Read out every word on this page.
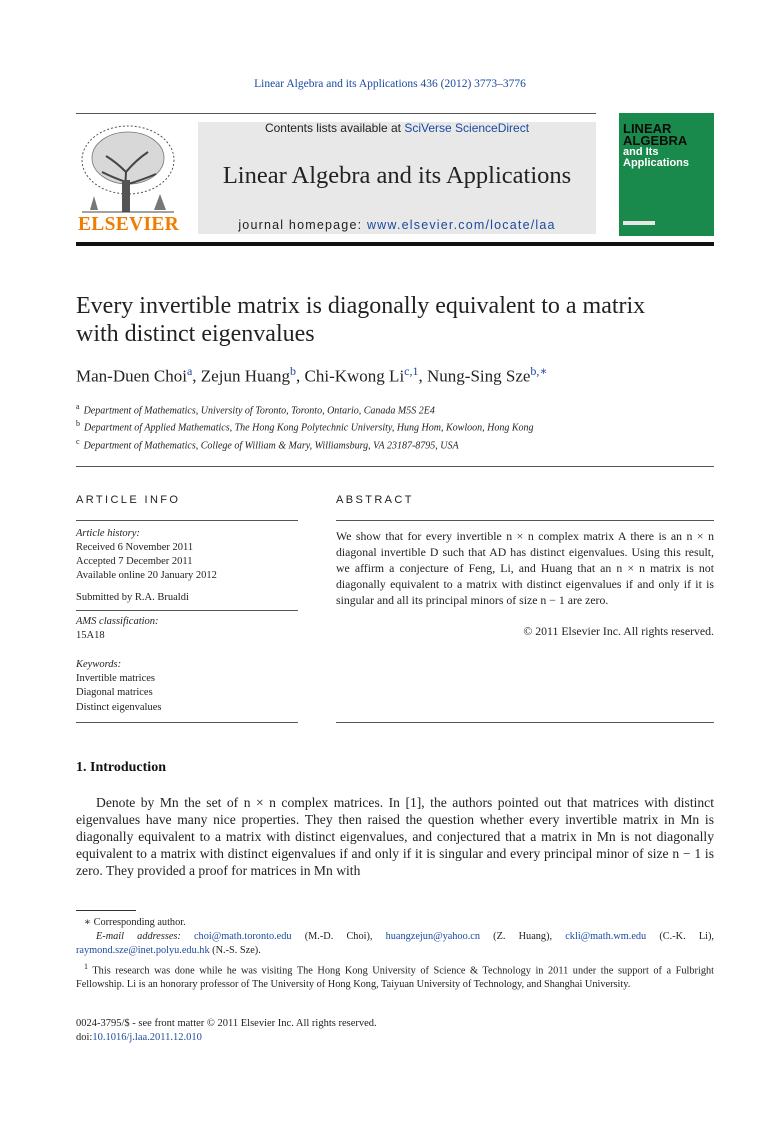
Linear Algebra and its Applications 436 (2012) 3773–3776
ELSEVIER
Contents lists available at SciVerse ScienceDirect
Linear Algebra and its Applications
journal homepage: www.elsevier.com/locate/laa
LINEAR
ALGEBRA
and Its
Applications
Every invertible matrix is diagonally equivalent to a matrix
with distinct eigenvalues
Man-Duen Choi$^a$, Zejun Huang$^b$, Chi-Kwong Li$^{c,1}$, Nung-Sing Sze$^{b,∗}$
$^a$ Department of Mathematics, University of Toronto, Toronto, Ontario, Canada M5S 2E4
$^b$ Department of Applied Mathematics, The Hong Kong Polytechnic University, Hung Hom, Kowloon, Hong Kong
$^c$ Department of Mathematics, College of William & Mary, Williamsburg, VA 23187-8795, USA
ARTICLE INFO
Article history:
Received 6 November 2011
Accepted 7 December 2011
Available online 20 January 2012
Submitted by R.A. Brualdi
AMS classification:
15A18
Keywords:
Invertible matrices
Diagonal matrices
Distinct eigenvalues
ABSTRACT
We show that for every invertible n × n complex matrix A there is an n × n diagonal invertible D such that AD has distinct eigenvalues. Using this result, we affirm a conjecture of Feng, Li, and Huang that an n × n matrix is not diagonally equivalent to a matrix with distinct eigenvalues if and only if it is singular and all its principal minors of size n − 1 are zero.
© 2011 Elsevier Inc. All rights reserved.
1. Introduction
Denote by Mn the set of n × n complex matrices. In [1], the authors pointed out that matrices with distinct eigenvalues have many nice properties. They then raised the question whether every invertible matrix in Mn is diagonally equivalent to a matrix with distinct eigenvalues, and conjectured that a matrix in Mn is not diagonally equivalent to a matrix with distinct eigenvalues if and only if it is singular and every principal minor of size n − 1 is zero. They provided a proof for matrices in Mn with
∗ Corresponding author.
E-mail addresses: choi@math.toronto.edu (M.-D. Choi), huangzejun@yahoo.cn (Z. Huang), ckli@math.wm.edu (C.-K. Li), raymond.sze@inet.polyu.edu.hk (N.-S. Sze).
$^1$ This research was done while he was visiting The Hong Kong University of Science & Technology in 2011 under the support of a Fulbright Fellowship. Li is an honorary professor of The University of Hong Kong, Taiyuan University of Technology, and Shanghai University.
0024-3795/$ - see front matter © 2011 Elsevier Inc. All rights reserved.
doi:10.1016/j.laa.2011.12.010
